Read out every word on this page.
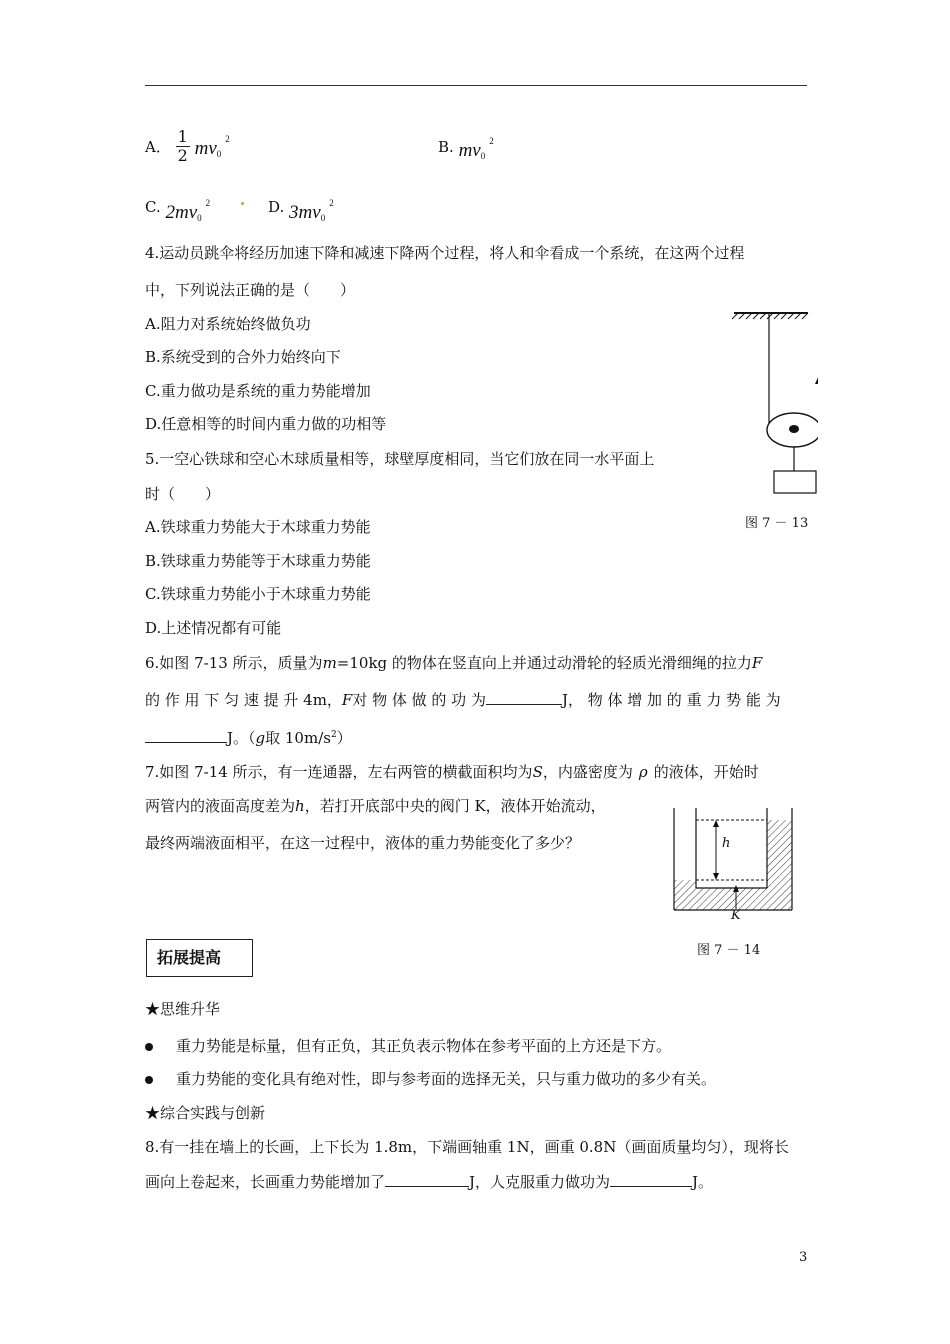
A． $\frac{1}{2} mv_0^2$	B. $mv_0^2$
C. $2mv_0^2$	D. $3mv_0^2$
4.运动员跳伞将经历加速下降和减速下降两个过程，将人和伞看成一个系统，在这两个过程
中，下列说法正确的是（　　）
A.阻力对系统始终做负功
B.系统受到的合外力始终向下
C.重力做功是系统的重力势能增加
D.任意相等的时间内重力做的功相等
图 7 － 13
5.一空心铁球和空心木球质量相等，球壁厚度相同，当它们放在同一水平面上
时（　　）
A.铁球重力势能大于木球重力势能
B.铁球重力势能等于木球重力势能
C.铁球重力势能小于木球重力势能
D.上述情况都有可能
6.如图 7-13 所示，质量为m=10kg 的物体在竖直向上并通过动滑轮的轻质光滑细绳的拉力F
的 作 用 下 匀 速 提 升 4m，F对 物 体 做 的 功 为	J， 物 体 增 加 的 重 力 势 能 为
J。（g取 $10m/s^2$）
7.如图 7-14 所示，有一连通器，左右两管的横截面积均为S，内盛密度为 ρ 的液体，开始时
两管内的液面高度差为h，若打开底部中央的阀门 K，液体开始流动，
最终两端液面相平，在这一过程中，液体的重力势能变化了多少？	h
K
图 7 － 14
拓展提高
★思维升华
重力势能是标量，但有正负，其正负表示物体在参考平面的上方还是下方。
重力势能的变化具有绝对性，即与参考面的选择无关，只与重力做功的多少有关。
★综合实践与创新
8.有一挂在墙上的长画，上下长为 1.8m，下端画轴重 1N，画重 0.8N（画面质量均匀），现将长
画向上卷起来，长画重力势能增加了	J，人克服重力做功为	J。
3
